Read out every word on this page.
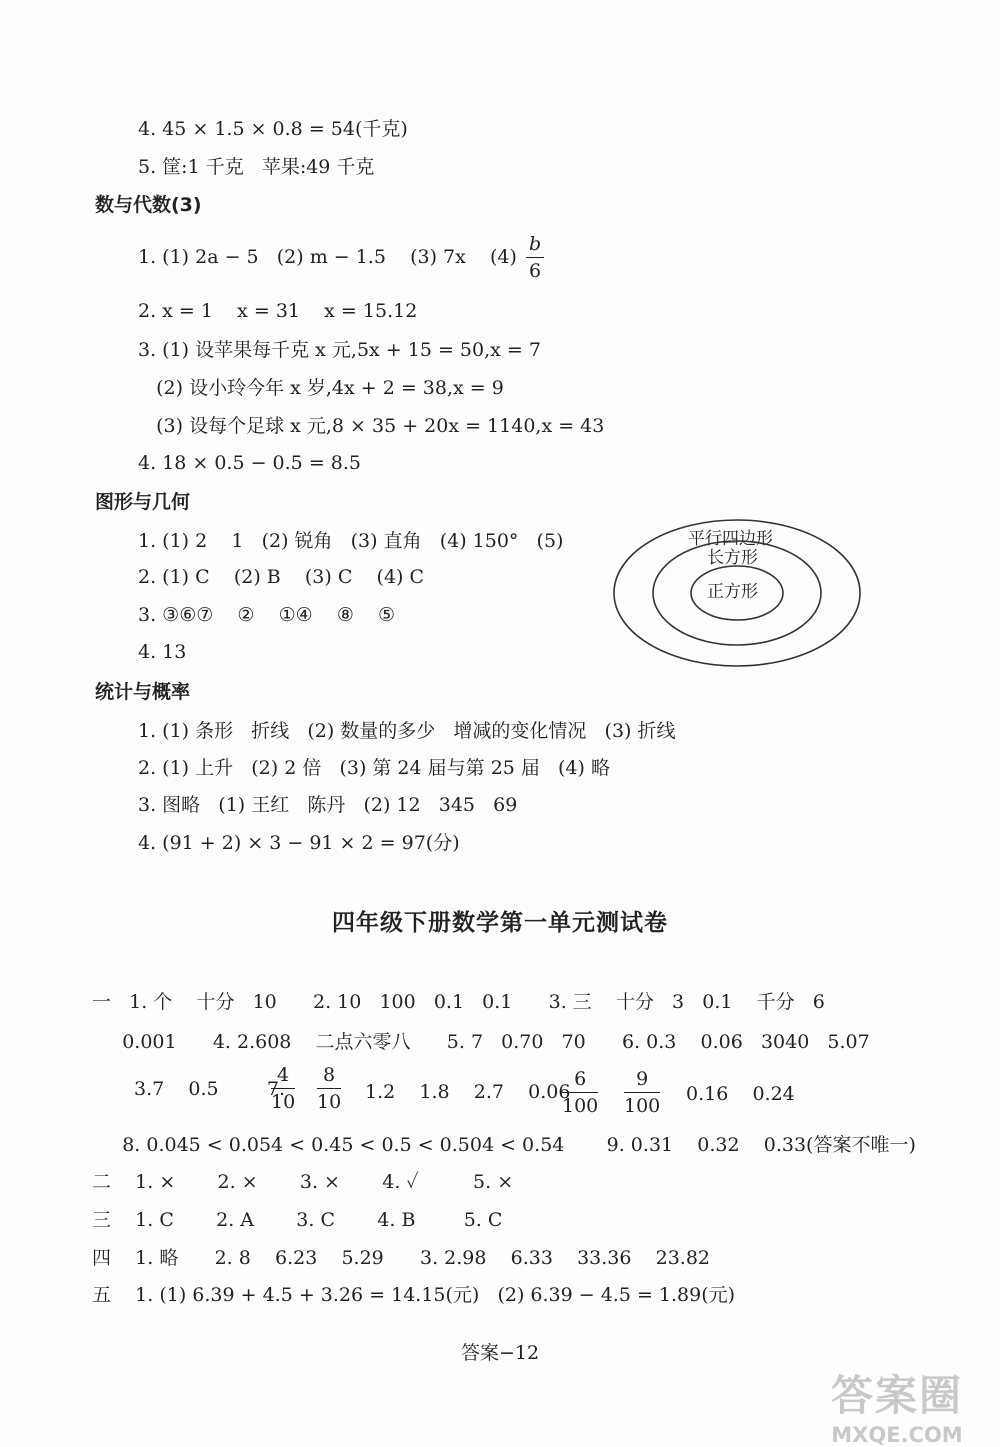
4. 45 × 1.5 × 0.8 = 54(千克)
5. 筐:1 千克   苹果:49 千克
数与代数(3)
1. (1) 2a − 5   (2) m − 1.5    (3) 7x    $(4) \frac{b}{6}$
2. x = 1    x = 31    x = 15.12
3. (1) 设苹果每千克 x 元,5x + 15 = 50,x = 7
(2) 设小玲今年 x 岁,4x + 2 = 38,x = 9
(3) 设每个足球 x 元,8 × 35 + 20x = 1140,x = 43
4. 18 × 0.5 − 0.5 = 8.5
图形与几何
1. (1) 2    1   (2) 锐角   (3) 直角   (4) 150°   (5)
2. (1) C    (2) B    (3) C    (4) C
3. ③⑥⑦    ②    ①④    ⑧    ⑤
4. 13
平行四边形
长方形
正方形
统计与概率
1. (1) 条形   折线   (2) 数量的多少   增减的变化情况   (3) 折线
2. (1) 上升   (2) 2 倍   (3) 第 24 届与第 25 届   (4) 略
3. 图略   (1) 王红   陈丹   (2) 12   345   69
4. (91 + 2) × 3 − 91 × 2 = 97(分)
四年级下册数学第一单元测试卷
一   1. 个    十分   10      2. 10   100   0.1   0.1      3. 三    十分   3   0.1    千分   6
0.001      4. 2.608    二点六零八      5. 7   0.70   70      6. 0.3    0.06   3040   5.07
3.7    0.5        7.
$\frac{4}{10} \frac{8}{10} 1.2$    1.8    2.7    0.06
$\frac{6}{100} \frac{9}{100} 0.16$    0.24
8. 0.045 < 0.054 < 0.45 < 0.5 < 0.504 < 0.54       9. 0.31    0.32    0.33(答案不唯一)
二    1. ×       2. ×       3. ×       4. ✓         5. ×
三    1. C       2. A       3. C       4. B        5. C
四    1. 略      2. 8    6.23    5.29      3. 2.98    6.33    33.36    23.82
五    1. (1) 6.39 + 4.5 + 3.26 = 14.15(元)   (2) 6.39 − 4.5 = 1.89(元)
答案−12
答案圈
MXQE.COM
